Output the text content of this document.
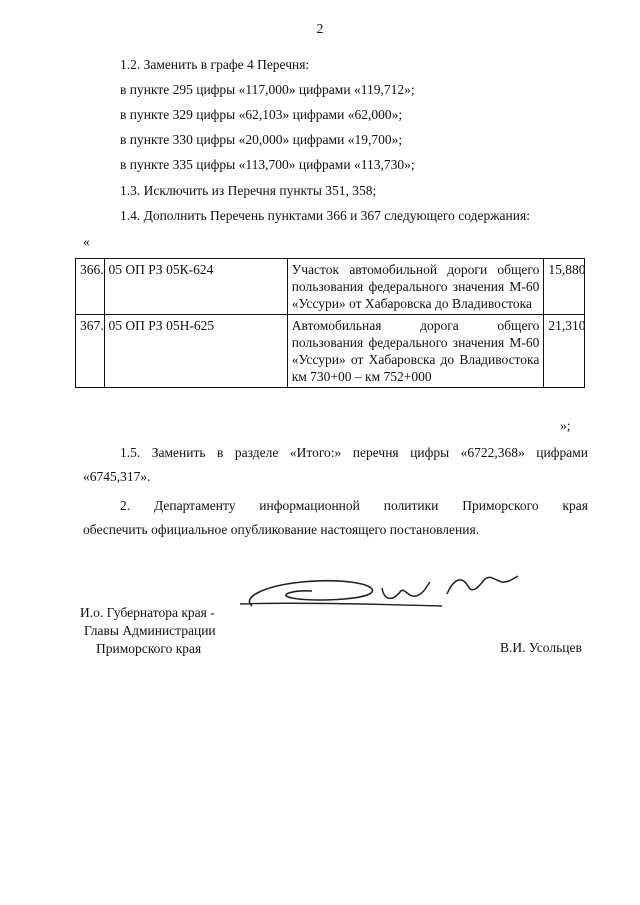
2
1.2. Заменить в графе 4 Перечня:
в пункте 295 цифры «117,000» цифрами «119,712»;
в пункте 329 цифры «62,103» цифрами «62,000»;
в пункте 330 цифры «20,000» цифрами «19,700»;
в пункте 335 цифры «113,700» цифрами «113,730»;
1.3. Исключить из Перечня пункты 351, 358;
1.4. Дополнить Перечень пунктами 366 и 367 следующего содержания:
«
366.	05 ОП РЗ 05К-624	Участок автомобильной дороги общего пользования федерального значения М-60 «Уссури» от Хабаровска до Владивостока	15,880
367.	05 ОП РЗ 05Н-625	Автомобильная дорога общего пользования федерального значения М-60 «Уссури» от Хабаровска до Владивостока км 730+00 – км 752+000	21,310
»;
1.5. Заменить в разделе «Итого:» перечня цифры «6722,368» цифрами
«6745,317».
2. Департаменту информационной политики Приморского края
обеспечить официальное опубликование настоящего постановления.
И.о. Губернатора края -
Главы Администрации
Приморского края	В.И. Усольцев
